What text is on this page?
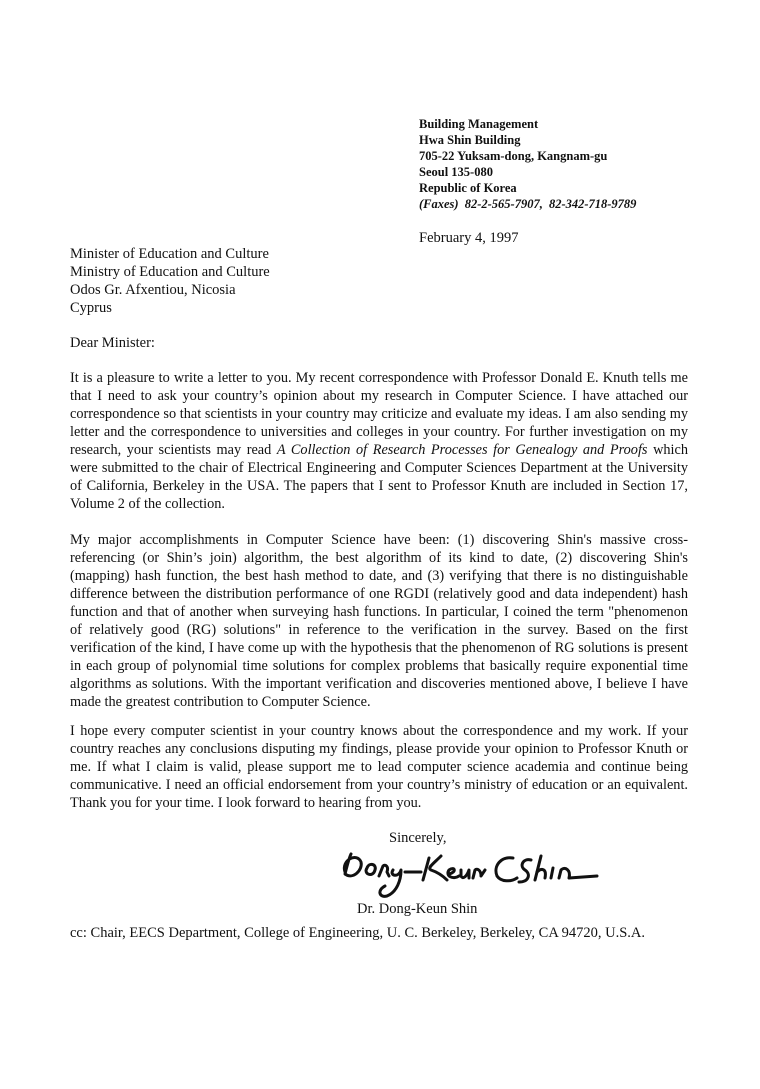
Building Management
Hwa Shin Building
705-22 Yuksam-dong, Kangnam-gu
Seoul 135-080
Republic of Korea
(Faxes) 82-2-565-7907, 82-342-718-9789
February 4, 1997
Minister of Education and Culture
Ministry of Education and Culture
Odos Gr. Afxentiou, Nicosia
Cyprus
Dear Minister:
It is a pleasure to write a letter to you. My recent correspondence with Professor Donald E. Knuth tells me that I need to ask your country’s opinion about my research in Computer Science. I have attached our correspondence so that scientists in your country may criticize and evaluate my ideas. I am also sending my letter and the correspondence to universities and colleges in your country. For further investigation on my research, your scientists may read A Collection of Research Processes for Genealogy and Proofs which were submitted to the chair of Electrical Engineering and Computer Sciences Department at the University of California, Berkeley in the USA. The papers that I sent to Professor Knuth are included in Section 17, Volume 2 of the collection.
My major accomplishments in Computer Science have been: (1) discovering Shin's massive cross-referencing (or Shin’s join) algorithm, the best algorithm of its kind to date, (2) discovering Shin's (mapping) hash function, the best hash method to date, and (3) verifying that there is no distinguishable difference between the distribution performance of one RGDI (relatively good and data independent) hash function and that of another when surveying hash functions. In particular, I coined the term "phenomenon of relatively good (RG) solutions" in reference to the verification in the survey. Based on the first verification of the kind, I have come up with the hypothesis that the phenomenon of RG solutions is present in each group of polynomial time solutions for complex problems that basically require exponential time algorithms as solutions. With the important verification and discoveries mentioned above, I believe I have made the greatest contribution to Computer Science.
I hope every computer scientist in your country knows about the correspondence and my work. If your country reaches any conclusions disputing my findings, please provide your opinion to Professor Knuth or me. If what I claim is valid, please support me to lead computer science academia and continue being communicative. I need an official endorsement from your country’s ministry of education or an equivalent. Thank you for your time. I look forward to hearing from you.
Sincerely,
Dr. Dong-Keun Shin
cc: Chair, EECS Department, College of Engineering, U. C. Berkeley, Berkeley, CA 94720, U.S.A.
